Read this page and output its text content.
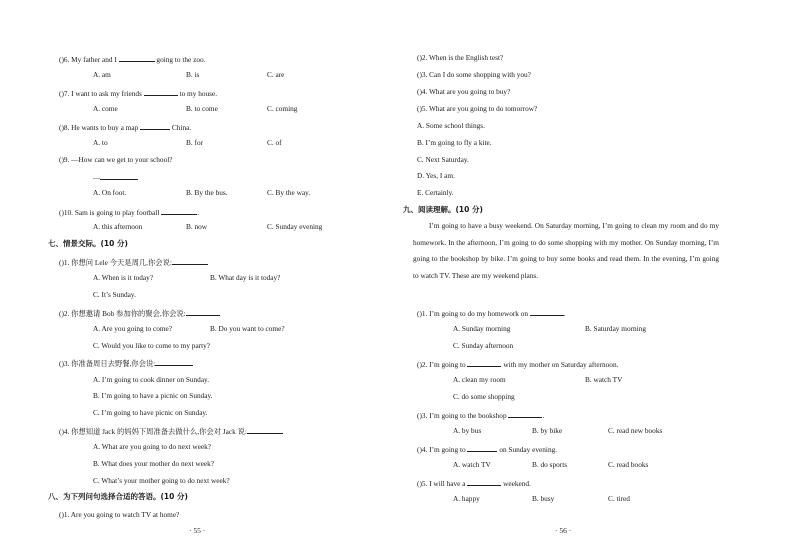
(

)6. My father and I	going to the zoo.
A. am	B. is	C. are
(

)7. I want to ask my friends	to my house.
A. come	B. to come	C. coming
(

)8. He wants to buy a map	China.
A. to	B. for	C. of
(

)9. —How can we get to your school?
—
A. On foot.	B. By the bus.	C. By the way.
(

)10. Sam is going to play football	.
A. this afternoon	B. now	C. Sunday evening
七、情景交际。(10 分)
(

)1. 你想问 Lele 今天是周几,你会说:
A. When is it today?	B. What day is it today?
C. It’s Sunday.
(

)2. 你想邀请 Bob 参加你的聚会,你会说:
A. Are you going to come?	B. Do you want to come?
C. Would you like to come to my party?
(

)3. 你准备周日去野餐,你会说:
A. I’m going to cook dinner on Sunday.
B. I’m going to have a picnic on Sunday.
C. I’m going to have picnic on Sunday.
(

)4. 你想知道 Jack 的妈妈下周准备去做什么,你会对 Jack 说:
A. What are you going to do next week?
B. What does your mother do next week?
C. What’s your mother going to do next week?
八、为下列问句选择合适的答语。(10 分)
(

)1. Are you going to watch TV at home?
· 55 ·
(

)2. When is the English test?
(

)3. Can I do some shopping with you?
(

)4. What are you going to buy?
(

)5. What are you going to do tomorrow?
A. Some school things.
B. I’m going to fly a kite.
C. Next Saturday.
D. Yes, I am.
E. Certainly.
九、阅读理解。(10 分)
I’m going to have a busy weekend. On Saturday morning, I’m going to clean my room and do my homework. In the afternoon, I’m going to do some shopping with my mother. On Sunday morning, I’m going to the bookshop by bike. I’m going to buy some books and read them. In the evening, I’m going to watch TV. These are my weekend plans.
(

)1. I’m going to do my homework on	.
A. Sunday morning	B. Saturday morning
C. Sunday afternoon
(

)2. I’m going to	with my mother on Saturday afternoon.
A. clean my room	B. watch TV
C. do some shopping
(

)3. I’m going to the bookshop	.
A. by bus	B. by bike	C. read new books
(

)4. I’m going to	on Sunday evening.
A. watch TV	B. do sports	C. read books
(

)5. I will have a	weekend.
A. happy	B. busy	C. tired
· 56 ·
